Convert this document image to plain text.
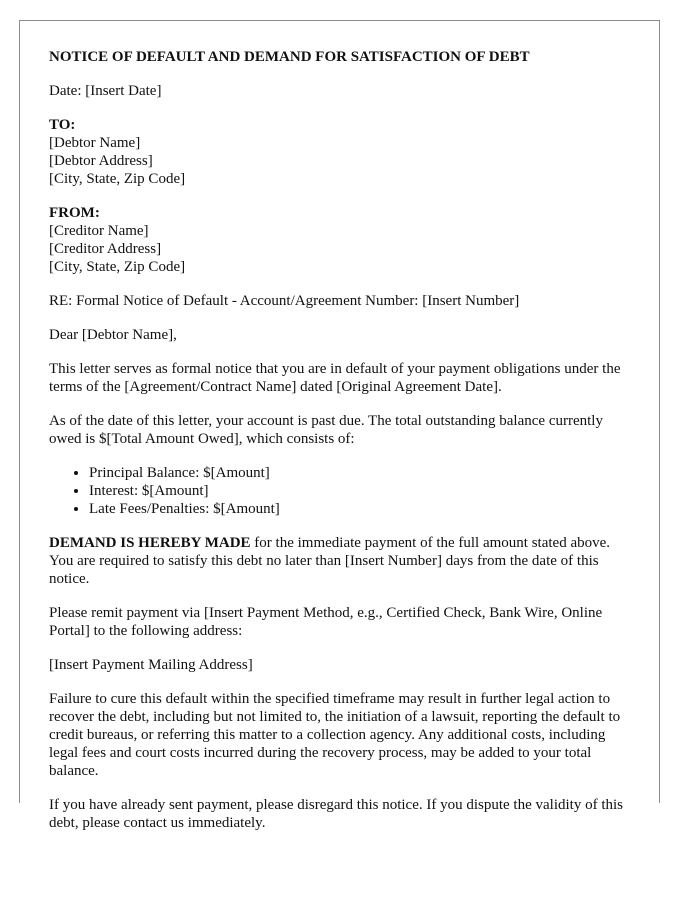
NOTICE OF DEFAULT AND DEMAND FOR SATISFACTION OF DEBT

Date: [Insert Date]

TO:
[Debtor Name]
[Debtor Address]
[City, State, Zip Code]
FROM:
[Creditor Name]
[Creditor Address]
[City, State, Zip Code]

RE: Formal Notice of Default - Account/Agreement Number: [Insert Number]

Dear [Debtor Name],

This letter serves as formal notice that you are in default of your payment obligations under the terms of the [Agreement/Contract Name] dated [Original Agreement Date].

As of the date of this letter, your account is past due. The total outstanding balance currently owed is $[Total Amount Owed], which consists of:

• Principal Balance: $[Amount]
• Interest: $[Amount]
• Late Fees/Penalties: $[Amount]

DEMAND IS HEREBY MADE for the immediate payment of the full amount stated above. You are required to satisfy this debt no later than [Insert Number] days from the date of this notice.

Please remit payment via [Insert Payment Method, e.g., Certified Check, Bank Wire, Online Portal] to the following address:

[Insert Payment Mailing Address]

Failure to cure this default within the specified timeframe may result in further legal action to recover the debt, including but not limited to, the initiation of a lawsuit, reporting the default to credit bureaus, or referring this matter to a collection agency. Any additional costs, including legal fees and court costs incurred during the recovery process, may be added to your total balance.

If you have already sent payment, please disregard this notice. If you dispute the validity of this debt, please contact us immediately.
